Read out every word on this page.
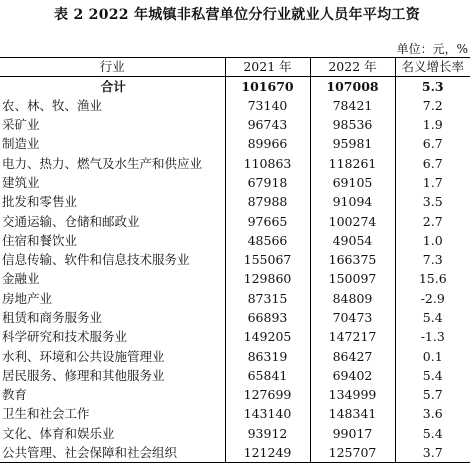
表 2 2022 年城镇非私营单位分行业就业人员年平均工资
单位：元，%
行业	2021 年	2022 年	名义增长率
合计	101670	107008	5.3
农、林、牧、渔业	73140	78421	7.2
采矿业	96743	98536	1.9
制造业	89966	95981	6.7
电力、热力、燃气及水生产和供应业	110863	118261	6.7
建筑业	67918	69105	1.7
批发和零售业	87988	91094	3.5
交通运输、仓储和邮政业	97665	100274	2.7
住宿和餐饮业	48566	49054	1.0
信息传输、软件和信息技术服务业	155067	166375	7.3
金融业	129860	150097	15.6
房地产业	87315	84809	-2.9
租赁和商务服务业	66893	70473	5.4
科学研究和技术服务业	149205	147217	-1.3
水利、环境和公共设施管理业	86319	86427	0.1
居民服务、修理和其他服务业	65841	69402	5.4
教育	127699	134999	5.7
卫生和社会工作	143140	148341	3.6
文化、体育和娱乐业	93912	99017	5.4
公共管理、社会保障和社会组织	121249	125707	3.7
